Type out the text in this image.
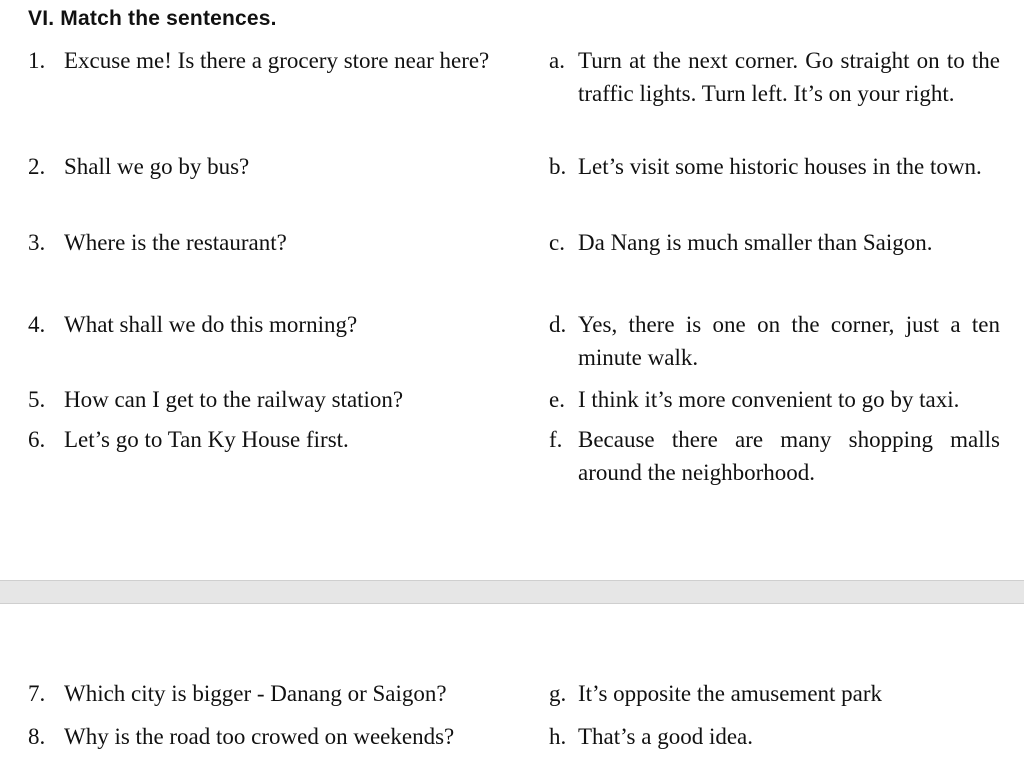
VI. Match the sentences.
1. Excuse me! Is there a grocery store near here?
2. Shall we go by bus?
3. Where is the restaurant?
4. What shall we do this morning?
5. How can I get to the railway station?
6. Let’s go to Tan Ky House first.
7. Which city is bigger - Danang or Saigon?
8. Why is the road too crowed on weekends?
a. Turn at the next corner. Go straight on to the traffic lights. Turn left. It’s on your right.
b. Let’s visit some historic houses in the town.
c. Da Nang is much smaller than Saigon.
d. Yes, there is one on the corner, just a ten minute walk.
e. I think it’s more convenient to go by taxi.
f. Because there are many shopping malls around the neighborhood.
g. It’s opposite the amusement park
h. That’s a good idea.
